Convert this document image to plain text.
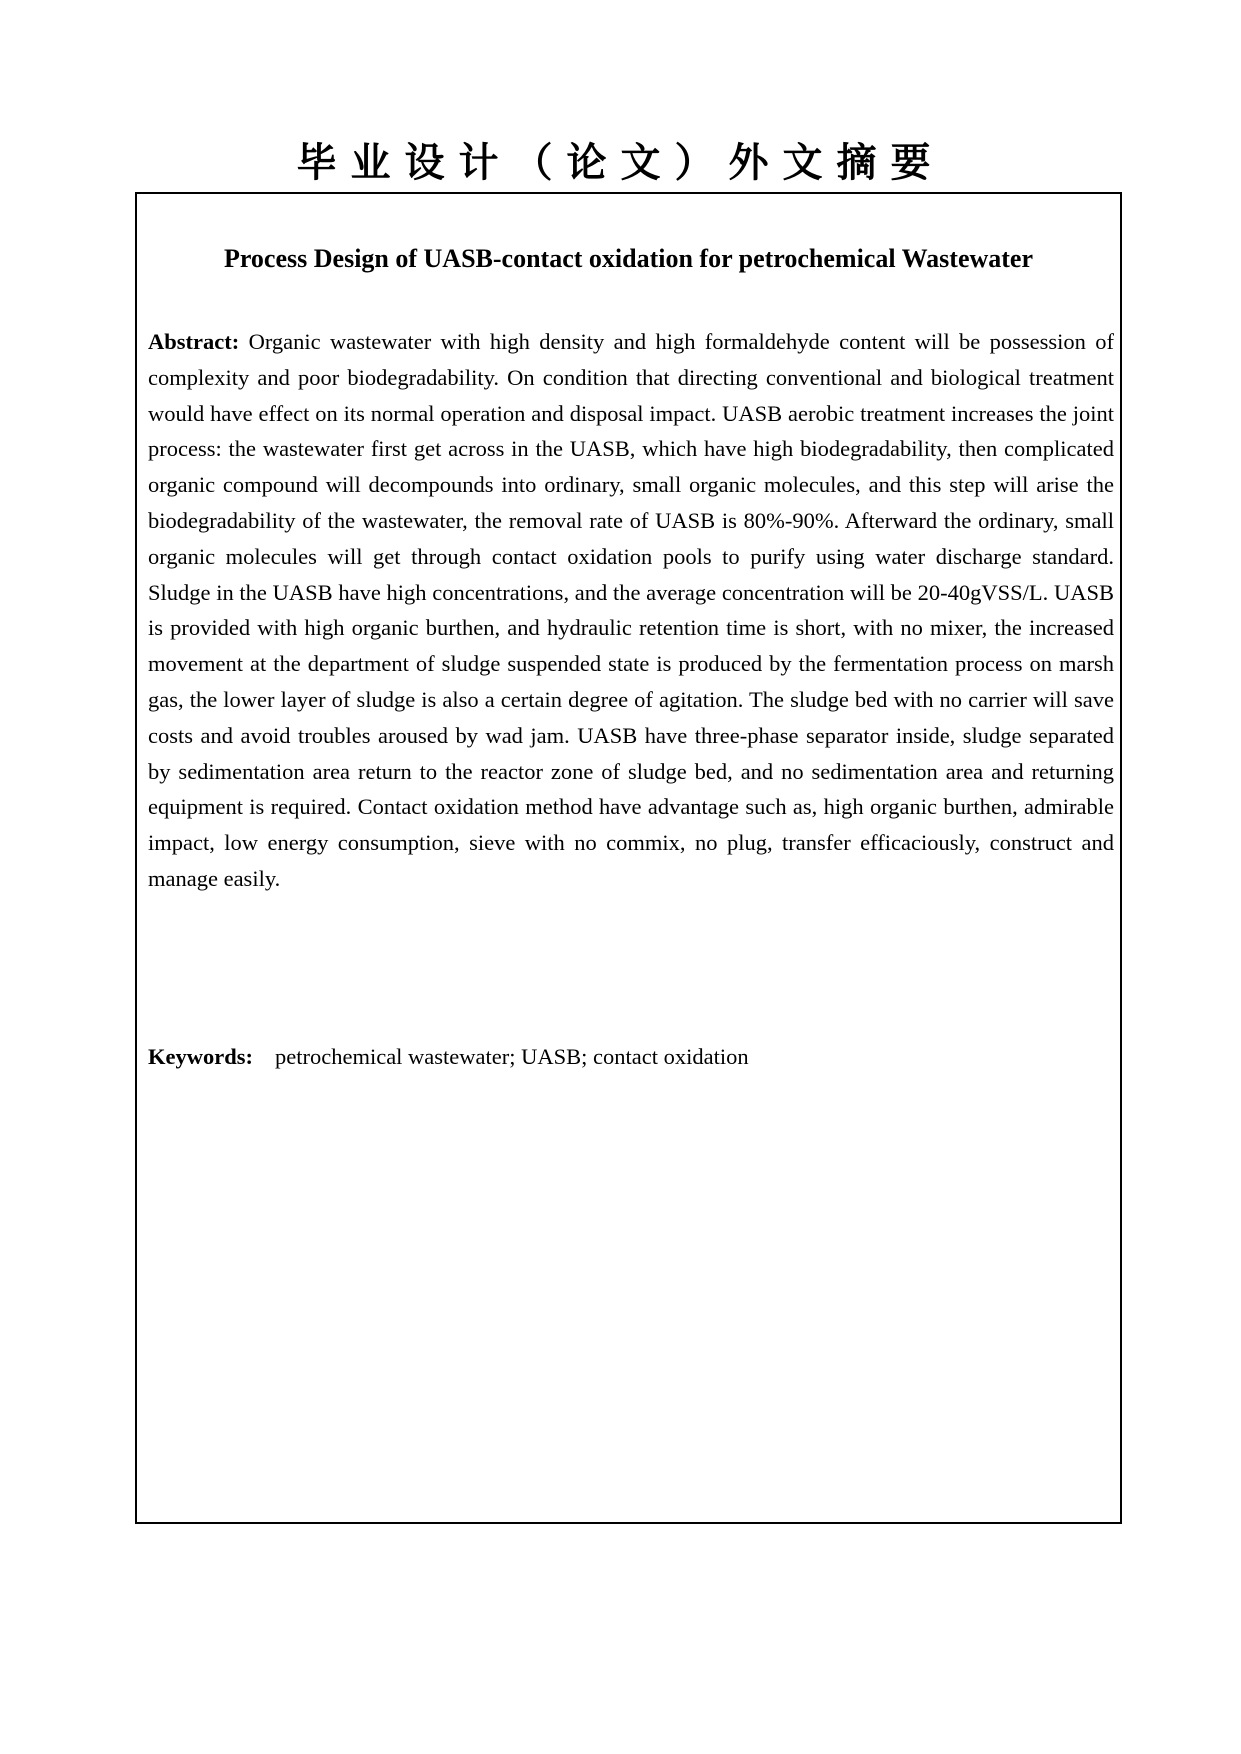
毕业设计（论文）外文摘要
Process Design of UASB-contact oxidation for petrochemical Wastewater

Abstract: Organic wastewater with high density and high formaldehyde content will be possession of complexity and poor biodegradability. On condition that directing conventional and biological treatment would have effect on its normal operation and disposal impact. UASB aerobic treatment increases the joint process: the wastewater first get across in the UASB, which have high biodegradability, then complicated organic compound will decompounds into ordinary, small organic molecules, and this step will arise the biodegradability of the wastewater, the removal rate of UASB is 80%-90%. Afterward the ordinary, small organic molecules will get through contact oxidation pools to purify using water discharge standard. Sludge in the UASB have high concentrations, and the average concentration will be 20-40gVSS/L. UASB is provided with high organic burthen, and hydraulic retention time is short, with no mixer, the increased movement at the department of sludge suspended state is produced by the fermentation process on marsh gas, the lower layer of sludge is also a certain degree of agitation. The sludge bed with no carrier will save costs and avoid troubles aroused by wad jam. UASB have three-phase separator inside, sludge separated by sedimentation area return to the reactor zone of sludge bed, and no sedimentation area and returning equipment is required. Contact oxidation method have advantage such as, high organic burthen, admirable impact, low energy consumption, sieve with no commix, no plug, transfer efficaciously, construct and manage easily.

Keywords: petrochemical wastewater; UASB; contact oxidation
